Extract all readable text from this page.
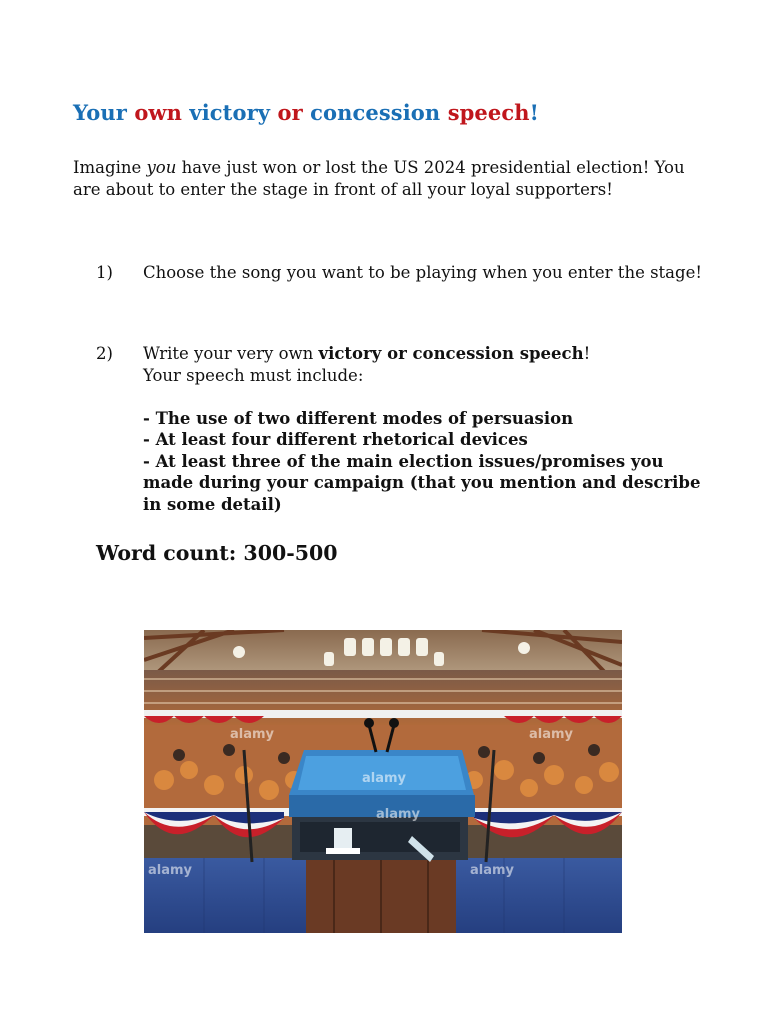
Your own victory or concession speech!

Imagine you have just won or lost the US 2024 presidential election! You are about to enter the stage in front of all your loyal supporters!

1) Choose the song you want to be playing when you enter the stage!
2) Write your very own victory or concession speech!
Your speech must include:
- The use of two different modes of persuasion
- At least four different rhetorical devices
- At least three of the main election issues/promises you made during your campaign (that you mention and describe in some detail)
Word count: 300-500
alamy
alamy
alamy
alamy	alamy
alamy
